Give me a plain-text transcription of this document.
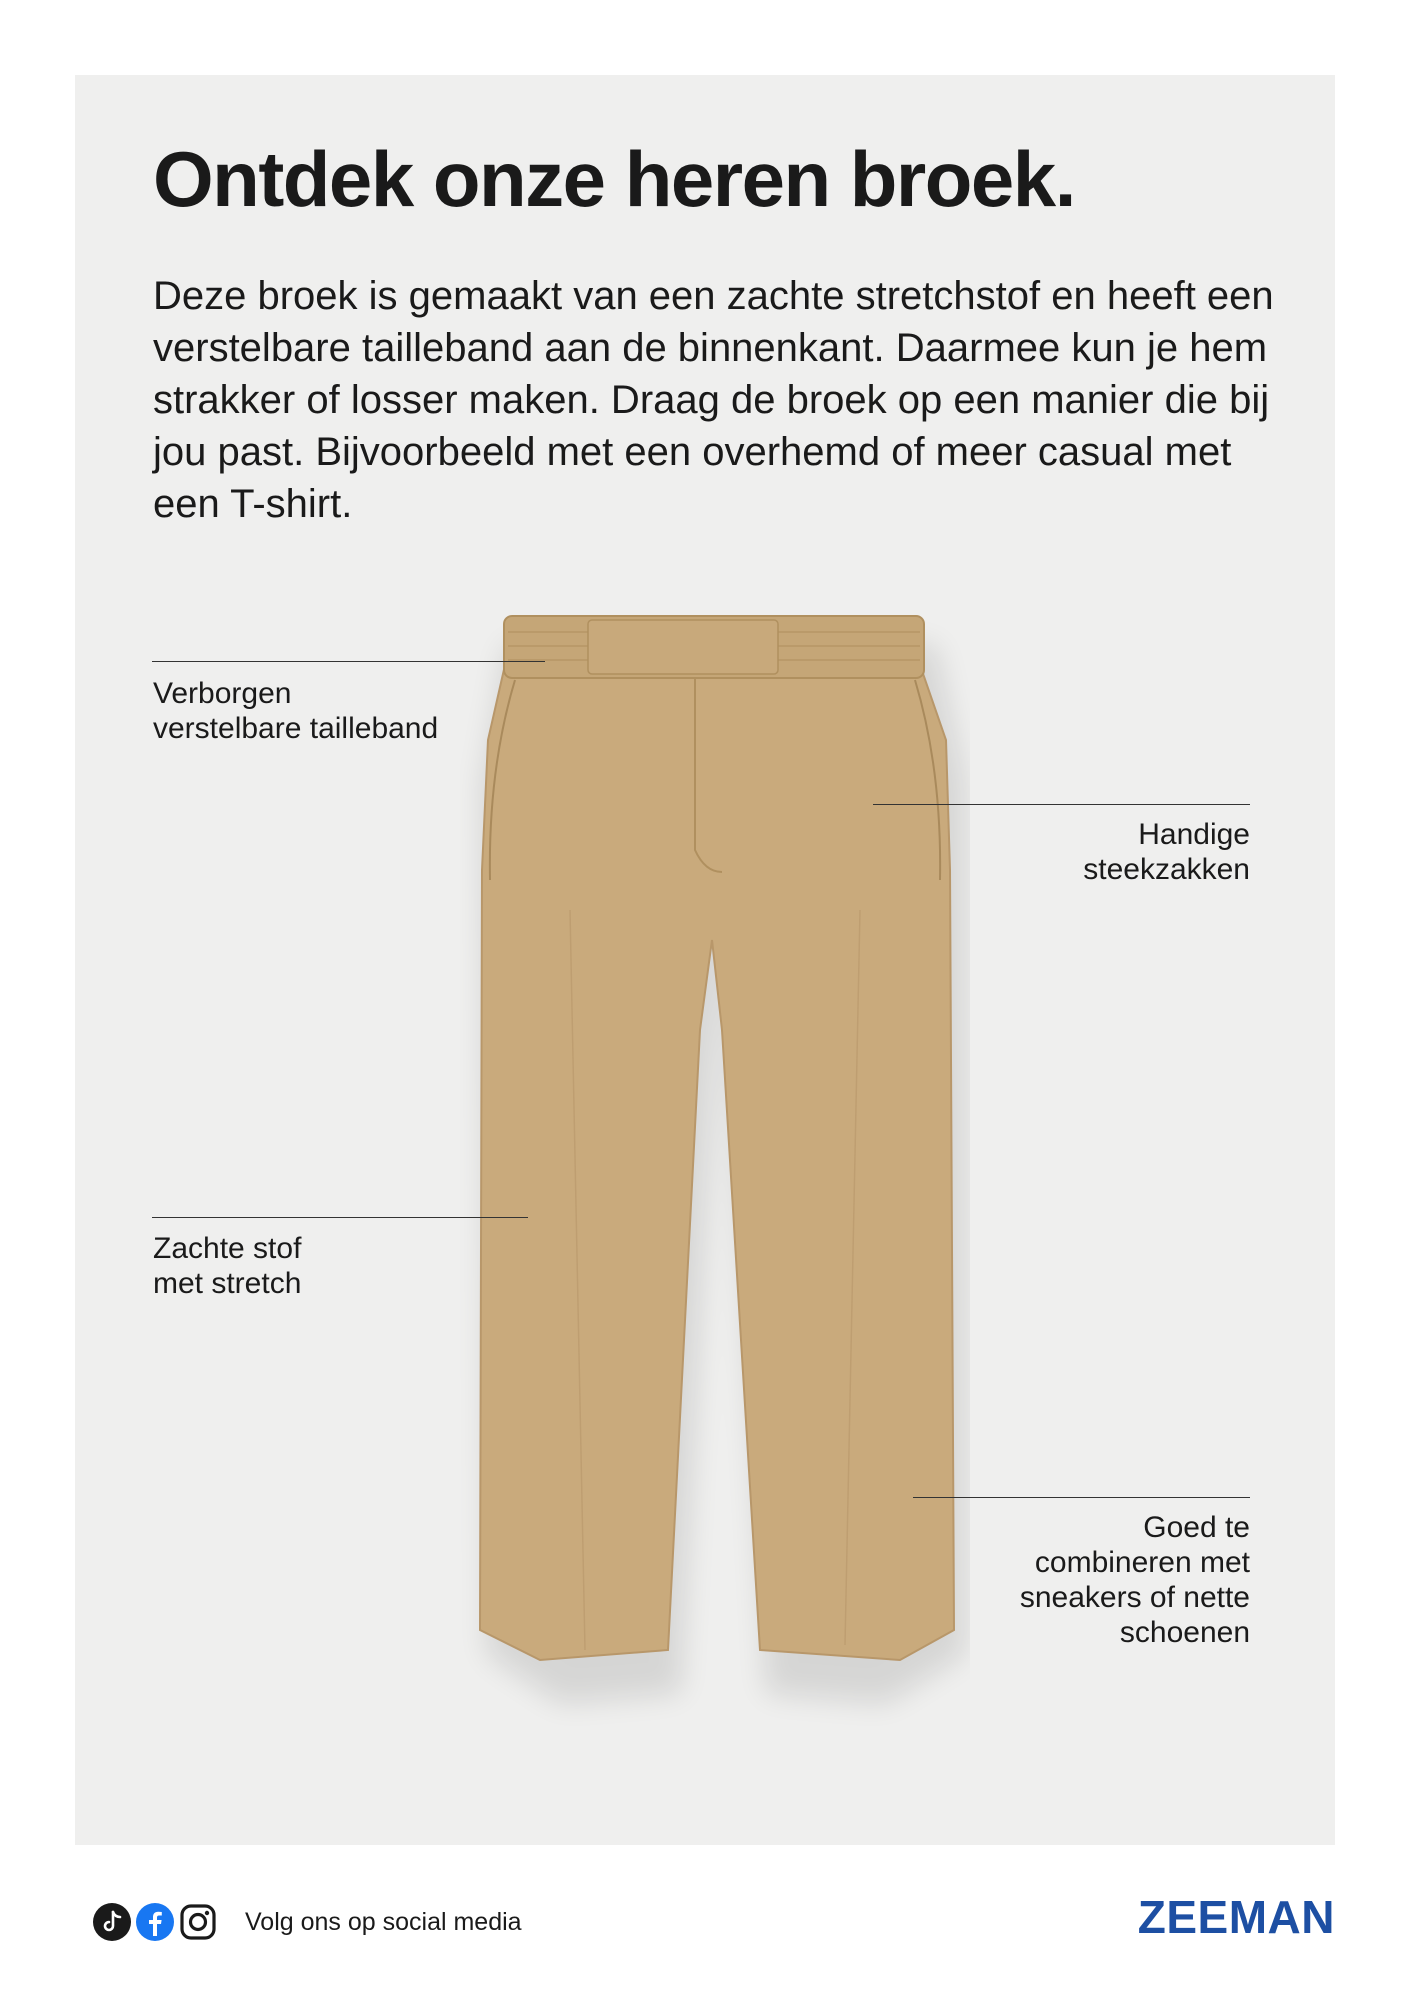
Ontdek onze heren broek.

Deze broek is gemaakt van een zachte stretchstof en heeft een verstelbare tailleband aan de binnenkant. Daarmee kun je hem strakker of losser maken. Draag de broek op een manier die bij jou past. Bijvoorbeeld met een overhemd of meer casual met een T-shirt.

Verborgen
verstelbare tailleband
Handige
steekzakken
Zachte stof
met stretch
Goed te
combineren met
sneakers of nette
schoenen
Volg ons op social media	ZEEMAN
